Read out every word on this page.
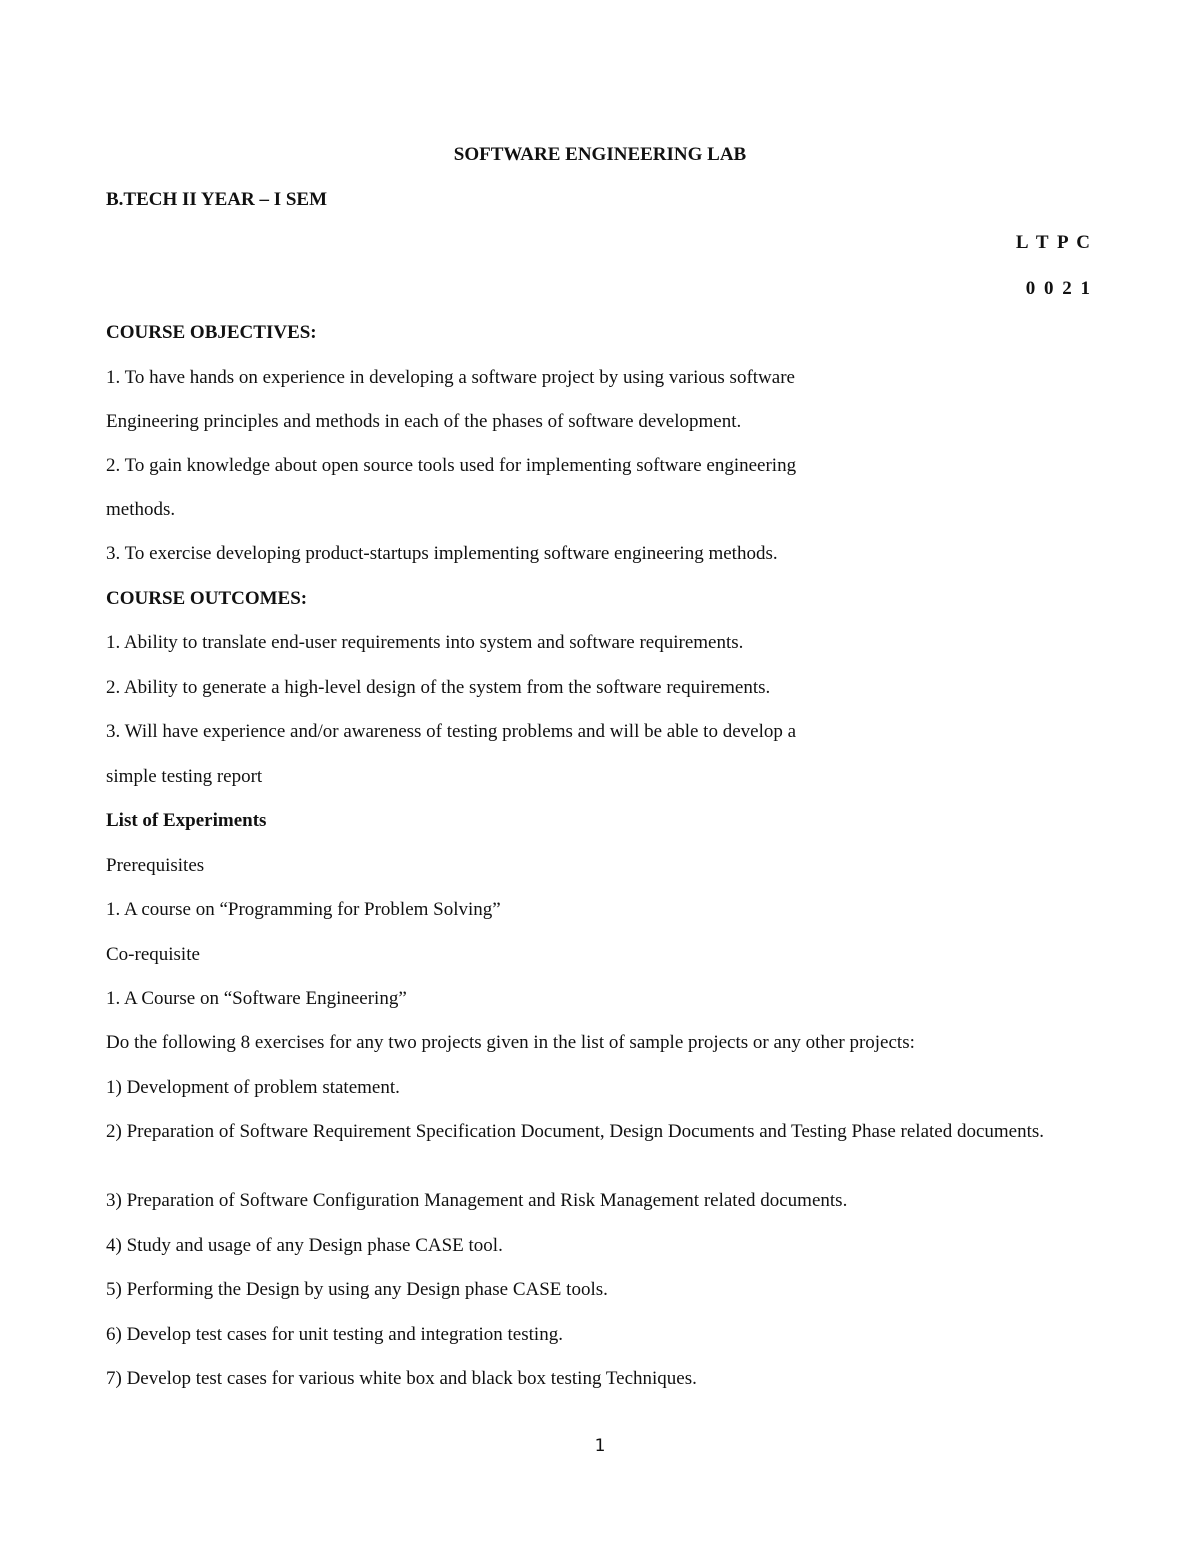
SOFTWARE ENGINEERING LAB
B.TECH II YEAR – I SEM
L T P C
0 0 2 1
COURSE OBJECTIVES:
1. To have hands on experience in developing a software project by using various software
Engineering principles and methods in each of the phases of software development.
2. To gain knowledge about open source tools used for implementing software engineering
methods.
3. To exercise developing product-startups implementing software engineering methods.
COURSE OUTCOMES:
1. Ability to translate end-user requirements into system and software requirements.
2. Ability to generate a high-level design of the system from the software requirements.
3. Will have experience and/or awareness of testing problems and will be able to develop a
simple testing report
List of Experiments
Prerequisites
1. A course on “Programming for Problem Solving”
Co-requisite
1. A Course on “Software Engineering”
Do the following 8 exercises for any two projects given in the list of sample projects or any other projects:
1) Development of problem statement.
2) Preparation of Software Requirement Specification Document, Design Documents and Testing Phase related documents.
3) Preparation of Software Configuration Management and Risk Management related documents.
4) Study and usage of any Design phase CASE tool.
5) Performing the Design by using any Design phase CASE tools.
6) Develop test cases for unit testing and integration testing.
7) Develop test cases for various white box and black box testing Techniques.
1
